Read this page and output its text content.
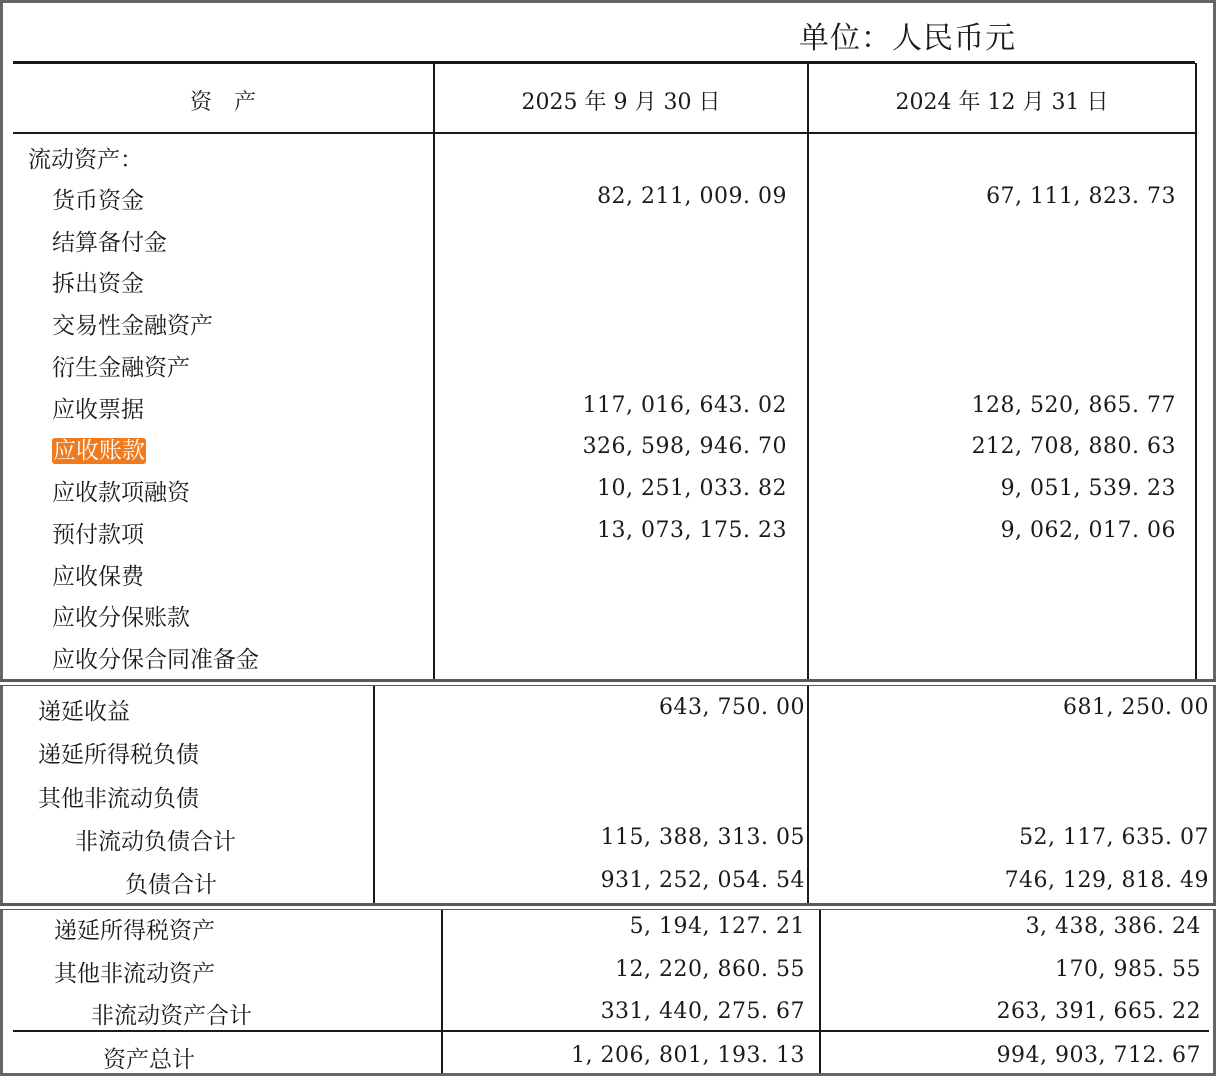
单位：人民币元
资　产	2025 年 9 月 30 日	2024 年 12 月 31 日
流动资产：
货币资金	82, 211, 009. 09	67, 111, 823. 73
结算备付金
拆出资金
交易性金融资产
衍生金融资产
应收票据	117, 016, 643. 02	128, 520, 865. 77
应收账款	326, 598, 946. 70	212, 708, 880. 63
应收款项融资	10, 251, 033. 82	9, 051, 539. 23
预付款项	13, 073, 175. 23	9, 062, 017. 06
应收保费
应收分保账款
应收分保合同准备金
递延收益	643, 750. 00	681, 250. 00
递延所得税负债
其他非流动负债
非流动负债合计	115, 388, 313. 05	52, 117, 635. 07
负债合计	931, 252, 054. 54	746, 129, 818. 49
递延所得税资产	5, 194, 127. 21	3, 438, 386. 24
其他非流动资产	12, 220, 860. 55	170, 985. 55
非流动资产合计	331, 440, 275. 67	263, 391, 665. 22
资产总计	1, 206, 801, 193. 13	994, 903, 712. 67
